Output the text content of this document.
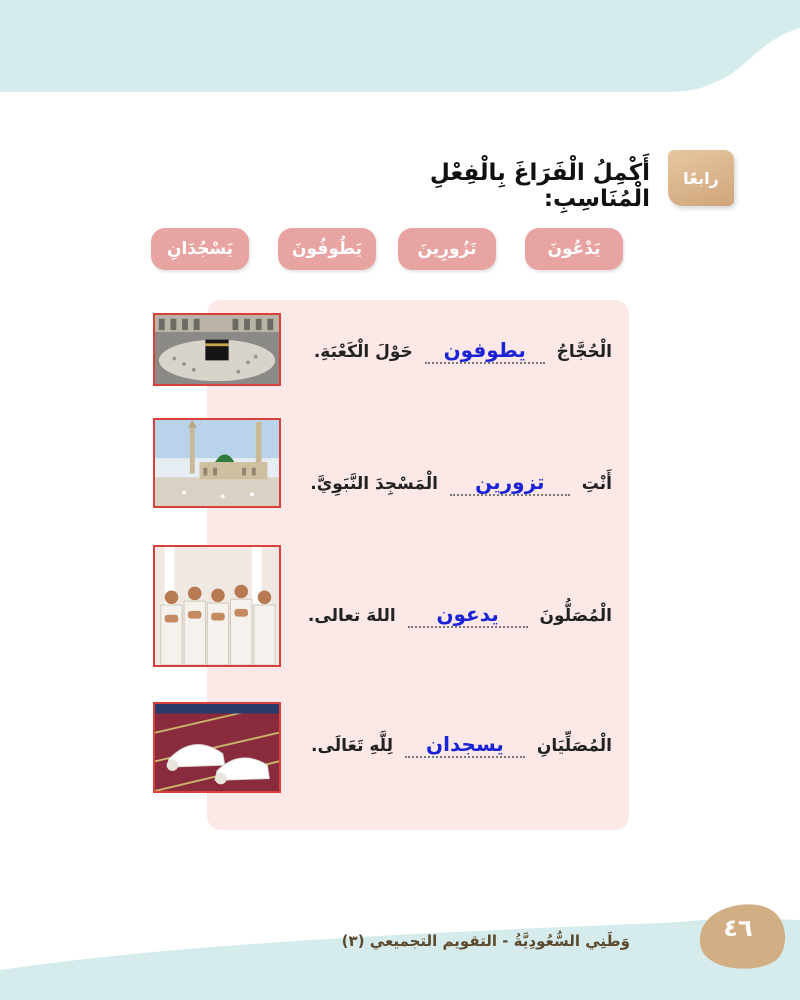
رابعًا
أَكْمِلُ الْفَرَاغَ بِالْفِعْلِ الْمُنَاسِبِ:
يَدْعُونَ
تَزُورِينَ
يَطُوفُونَ
يَسْجُدَانِ
الْحُجَّاجُ يطوفون حَوْلَ الْكَعْبَةِ.
أَنْتِ تزورين الْمَسْجِدَ النَّبَوِيَّ.
الْمُصَلُّونَ يدعون اللهَ تعالى.
الْمُصَلِّيَانِ يسجدان لِلَّهِ تَعَالَى.
وَطَنِي السُّعُودِيَّةُ - التقويم التجميعي (٣)	٤٦
